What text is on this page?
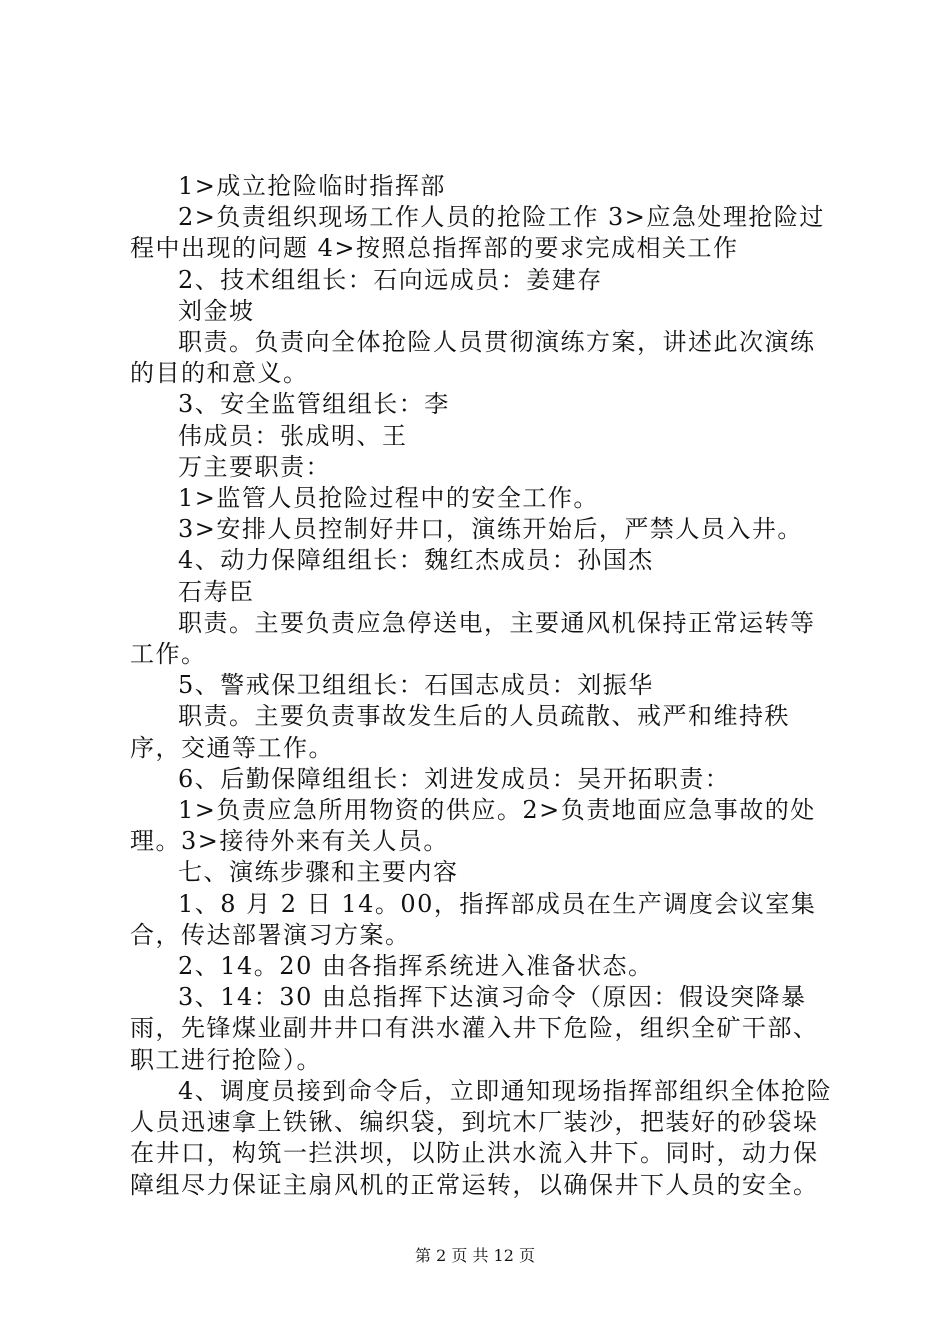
1>成立抢险临时指挥部

2>负责组织现场工作人员的抢险工作 3>应急处理抢险过程中出现的问题 4>按照总指挥部的要求完成相关工作

2、技术组组长：石向远成员：姜建存

刘金坡

职责。负责向全体抢险人员贯彻演练方案，讲述此次演练的目的和意义。

3、安全监管组组长：李

伟成员：张成明、王

万主要职责：

1>监管人员抢险过程中的安全工作。

3>安排人员控制好井口，演练开始后，严禁人员入井。

4、动力保障组组长：魏红杰成员：孙国杰

石寿臣

职责。主要负责应急停送电，主要通风机保持正常运转等工作。

5、警戒保卫组组长：石国志成员：刘振华

职责。主要负责事故发生后的人员疏散、戒严和维持秩序，交通等工作。

6、后勤保障组组长：刘进发成员：吴开拓职责：

1>负责应急所用物资的供应。2>负责地面应急事故的处理。3>接待外来有关人员。

七、演练步骤和主要内容

1、8 月 2 日 14。00，指挥部成员在生产调度会议室集合，传达部署演习方案。

2、14。20 由各指挥系统进入准备状态。

3、14：30 由总指挥下达演习命令（原因：假设突降暴雨，先锋煤业副井井口有洪水灌入井下危险，组织全矿干部、职工进行抢险）。

4、调度员接到命令后，立即通知现场指挥部组织全体抢险人员迅速拿上铁锹、编织袋，到坑木厂装沙，把装好的砂袋垛在井口，构筑一拦洪坝，以防止洪水流入井下。同时，动力保障组尽力保证主扇风机的正常运转，以确保井下人员的安全。

第 2 页 共 12 页
